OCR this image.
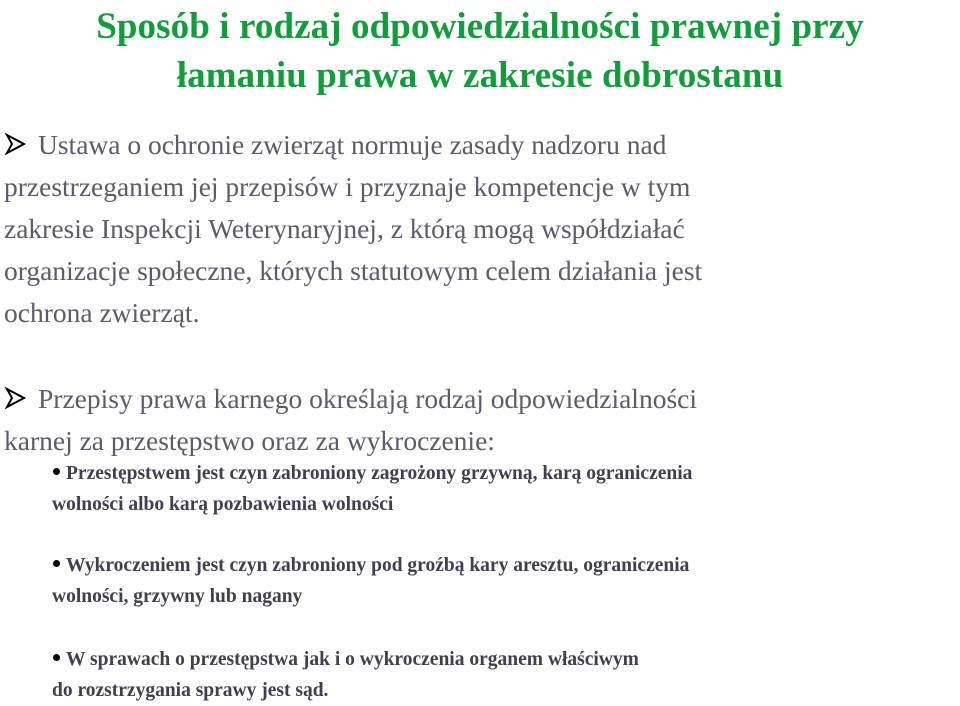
Sposób i rodzaj odpowiedzialności prawnej przy
łamaniu prawa w zakresie dobrostanu
Ustawa o ochronie zwierząt normuje zasady nadzoru nad
przestrzeganiem jej przepisów i przyznaje kompetencje w tym
zakresie Inspekcji Weterynaryjnej, z którą mogą współdziałać
organizacje społeczne, których statutowym celem działania jest
ochrona zwierząt.
Przepisy prawa karnego określają rodzaj odpowiedzialności
karnej za przestępstwo oraz za wykroczenie:
Przestępstwem jest czyn zabroniony zagrożony grzywną, karą ograniczenia
wolności albo karą pozbawienia wolności
Wykroczeniem jest czyn zabroniony pod groźbą kary aresztu, ograniczenia
wolności, grzywny lub nagany
W sprawach o przestępstwa jak i o wykroczenia organem właściwym
do rozstrzygania sprawy jest sąd.
